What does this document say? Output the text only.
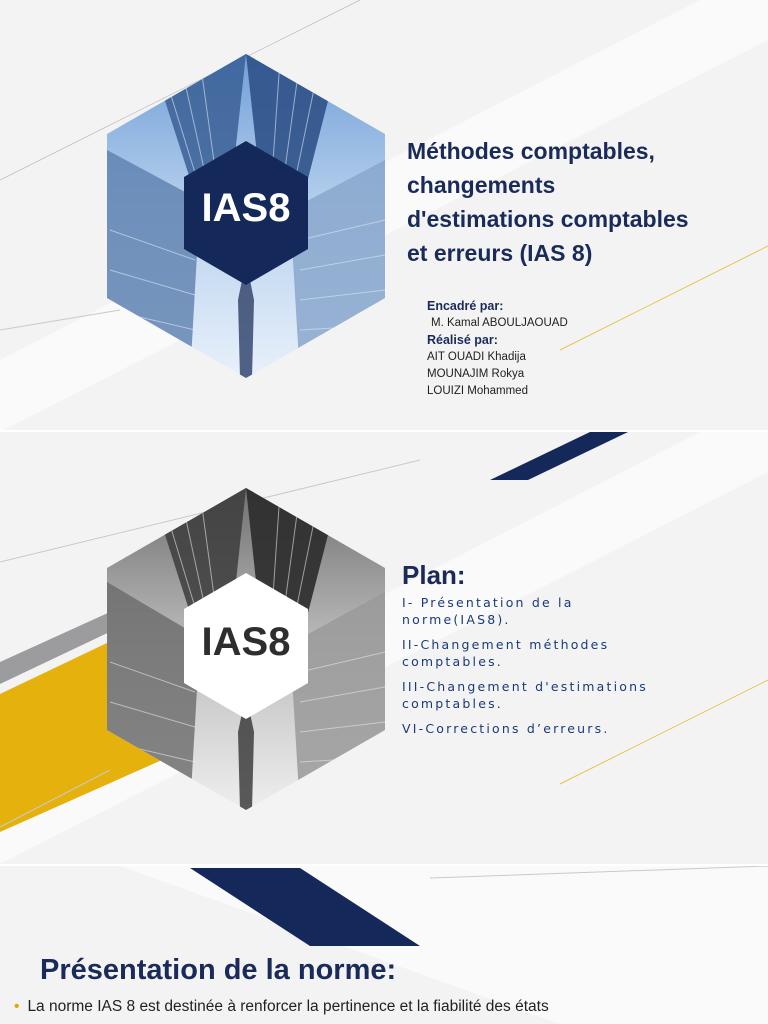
IAS8
Méthodes comptables,
changements
d'estimations comptables
et erreurs (IAS 8)
Encadré par:
M. Kamal ABOULJAOUAD
Réalisé par:
AIT OUADI Khadija
MOUNAJIM Rokya
LOUIZI Mohammed
IAS8
Plan:
I- Présentation de la norme(IAS8).
II-Changement méthodes comptables.
III-Changement d'estimations comptables.
VI-Corrections d’erreurs.
Présentation de la norme:
• La norme IAS 8 est destinée à renforcer la pertinence et la fiabilité des états
